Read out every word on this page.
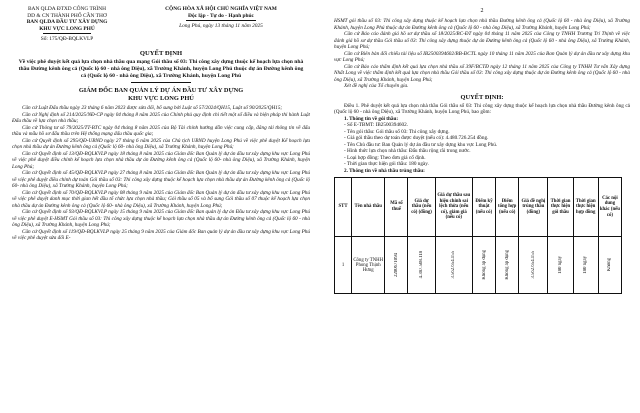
BAN QLDA ĐTXD CÔNG TRÌNH
DD & CN THÀNH PHỐ CẦN THƠ
BAN QLDA ĐẦU TƯ XÂY DỰNG
KHU VỰC LONG PHÚ
Số: 175/QĐ-BQLKVLP
CỘNG HÒA XÃ HỘI CHỦ NGHĨA VIỆT NAM
Độc lập - Tự do - Hạnh phúc
Long Phú, ngày 13 tháng 11 năm 2025
QUYẾT ĐỊNH
Về việc phê duyệt kết quả lựa chọn nhà thầu qua mạng Gói thầu số 03: Thi công xây dựng thuộc kế hoạch lựa chọn nhà thầu Đường kênh ông cả (Quốc lộ 60 - nhà ông Diệu), xã Trường Khánh, huyện Long Phú thuộc dự án Đường kênh ông cả (Quốc lộ 60 - nhà ông Diệu), xã Trường Khánh, huyện Long Phú
GIÁM ĐỐC BAN QUẢN LÝ DỰ ÁN ĐẦU TƯ XÂY DỰNG
KHU VỰC LONG PHÚ

Căn cứ Luật Đấu thầu ngày 23 tháng 6 năm 2023 được sửa đổi, bổ sung bởi Luật số 57/2024/QH15, Luật số 90/2025/QH15;

Căn cứ Nghị định số 214/2025/NĐ-CP ngày 04 tháng 8 năm 2025 của Chính phủ quy định chi tiết một số điều và biện pháp thi hành Luật Đấu thầu về lựa chọn nhà thầu;

Căn cứ Thông tư số 79/2025/TT-BTC ngày 04 tháng 8 năm 2025 của Bộ Tài chính hướng dẫn việc cung cấp, đăng tải thông tin về đấu thầu và mẫu hồ sơ đấu thầu trên Hệ thống mạng đấu thầu quốc gia;

Căn cứ Quyết định số 295/QĐ-UBND ngày 27 tháng 6 năm 2025 của Chủ tịch UBND huyện Long Phú về việc phê duyệt Kế hoạch lựa chọn nhà thầu dự án Đường kênh ông cả (Quốc lộ 60- nhà ông Diệu), xã Trường Khánh, huyện Long Phú;

Căn cứ Quyết định số 13/QĐ-BQLKVLP ngày 18 tháng 8 năm 2025 của Giám đốc Ban Quản lý dự án đầu tư xây dựng khu vực Long Phú về việc phê duyệt điều chỉnh kế hoạch lựa chọn nhà thầu dự án Đường kênh ông cả (Quốc lộ 60- nhà ông Diệu), xã Trường Khánh, huyện Long Phú;

Căn cứ Quyết định số 45/QĐ-BQLKVLP ngày 27 tháng 8 năm 2025 của Giám đốc Ban Quản lý dự án đầu tư xây dựng khu vực Long Phú về việc phê duyệt điều chỉnh dự toán Gói thầu số 03: Thi công xây dựng thuộc kế hoạch lựa chọn nhà thầu dự án Đường kênh ông cả (Quốc lộ 60- nhà ông Diệu), xã Trường Khánh, huyện Long Phú;

Căn cứ Quyết định số 70/QĐ-BQLKVLP ngày 08 tháng 9 năm 2025 của Giám đốc Ban Quản lý dự án đầu tư xây dựng khu vực Long Phú về việc phê duyệt danh mục thời gian hết đầu tổ chức lựa chọn nhà thầu; Gói thầu số 05 và bổ sung Gói thầu số 07 thuộc kế hoạch lựa chọn nhà thầu dự án Đường kênh ông cả (Quốc lộ 60- nhà ông Diệu), xã Trường Khánh, huyện Long Phú;

Căn cứ Quyết định số 93/QĐ-BQLKVLP ngày 15 tháng 9 năm 2025 của Giám đốc Ban quản lý dự án Đầu tư xây dựng khu vực Long Phú về việc phê duyệt E-HSMT Gói thầu số 03: Thi công xây dựng thuộc kế hoạch lựa chọn nhà thầu dự án Đường kênh ông cả (Quốc lộ 60 - nhà ông Diệu), xã Trường Khánh, huyện Long Phú;

Căn cứ Quyết định số 119/QĐ-BQLKVLP ngày 25 tháng 9 năm 2025 của Giám đốc Ban quản lý dự án đầu tư xây dựng khu vực Long Phú về việc phê duyệt sửa đổi E-

2

HSMT gói thầu số 03: Thi công xây dựng thuộc kế hoạch lựa chọn nhà thầu Đường kênh ông cả (Quốc lộ 60 - nhà ông Diệu), xã Trường Khánh, huyện Long Phú thuộc dự án Đường kênh ông cả (Quốc lộ 60 - nhà ông Diệu), xã Trường Khánh, huyện Long Phú;

Căn cứ Báo cáo đánh giá hồ sơ dự thầu số 18/2025/BC-ĐT ngày 04 tháng 11 năm 2025 của Công ty TNHH Trương Trí Thịnh về việc đánh giá hồ sơ dự thầu Gói thầu số 03: Thi công xây dựng thuộc dự án Đường kênh ông cả (Quốc lộ 60 - nhà ông Diệu), xã Trường Khánh, huyện Long Phú;

Căn cứ Biên bản đối chiếu tài liệu số IB2500394602/BB-ĐCTL ngày 10 tháng 11 năm 2025 của Ban Quản lý dự án đầu tư xây dựng khu vực Long Phú;

Căn cứ Báo cáo thẩm định kết quả lựa chọn nhà thầu số 39F/BCTĐ ngày 12 tháng 11 năm 2025 của Công ty TNHH Tư vấn Xây dựng Nhất Long về việc thẩm định kết quả lựa chọn nhà thầu Gói thầu số 03: Thi công xây dựng thuộc dự án Đường kênh ông cả (Quốc lộ 60 - nhà ông Diệu), xã Trường Khánh, huyện Long Phú;

Xét đề nghị của Tổ chuyên gia.

QUYẾT ĐỊNH:

Điều 1. Phê duyệt kết quả lựa chọn nhà thầu Gói thầu số 03: Thi công xây dựng thuộc kế hoạch lựa chọn nhà thầu Đường kênh ông cả (Quốc lộ 60 - nhà ông Diệu), xã Trường Khánh, huyện Long Phú, bao gồm:

1. Thông tin về gói thầu:

- Số E-TBMT: IB2500394602.

- Tên gói thầu: Gói thầu số 03: Thi công xây dựng.

- Giá gói thầu theo dự toán được duyệt (nếu có): 4.480.726.254 đồng.

- Tên Chủ đầu tư: Ban Quản lý dự án đầu tư xây dựng khu vực Long Phú.

- Hình thức lựa chọn nhà thầu: Đấu thầu rộng rãi trong nước.

- Loại hợp đồng: Theo đơn giá cố định.

- Thời gian thực hiện gói thầu: 180 ngày.

2. Thông tin về nhà thầu trúng thầu:

STT	Tên nhà thầu	Mã số thuế	Giá dự thầu (nếu có) (đồng)	Giá dự thầu sau hiệu chỉnh sai lệch thừa (nếu có), giảm giá (nếu có)	Điểm kỹ thuật (nếu có)	Điểm tổng hợp (nếu có)	Giá đề nghị trúng thầu (đồng)	Thời gian thực hiện gói thầu	Thời gian thực hiện hợp đồng	Các nội dung khác (nếu có)
1	Công ty TNHH Phong Thịnh Hưng	2200671094	4.387.508.118	3.562.654.155	Không áp dụng	Không áp dụng	3.562.654.155	180 ngày	180 ngày	Không
